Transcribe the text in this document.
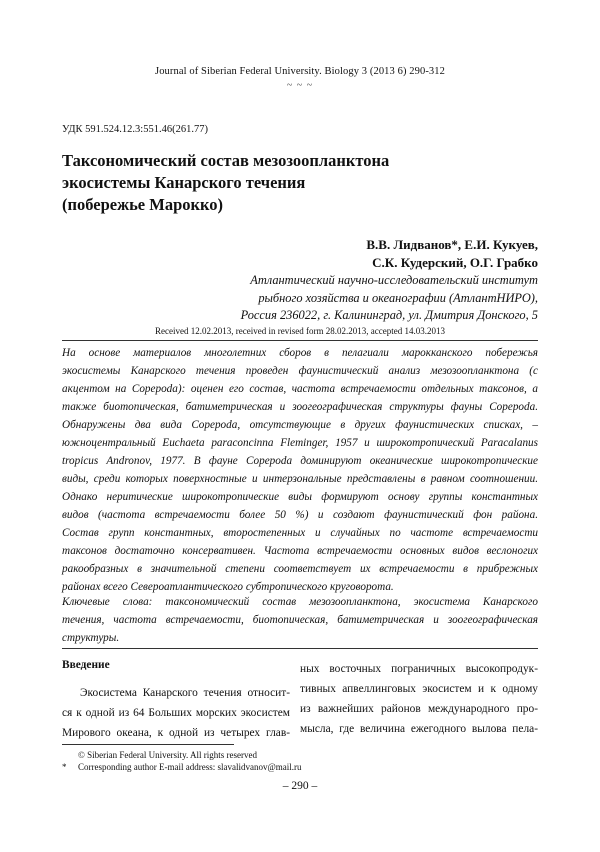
Journal of Siberian Federal University. Biology 3 (2013 6) 290-312
~ ~ ~
УДК 591.524.12.3:551.46(261.77)
Таксономический состав мезозоопланктона
экосистемы Канарского течения
(побережье Марокко)
В.В. Лидванов*, Е.И. Кукуев,
С.К. Кудерский, О.Г. Грабко
Атлантический научно-исследовательский институт
рыбного хозяйства и океанографии (АтлантНИРО),
Россия 236022, г. Калининград, ул. Дмитрия Донского, 5
Received 12.02.2013, received in revised form 28.02.2013, accepted 14.03.2013
На основе материалов многолетних сборов в пелагиали марокканского побережья
экосистемы Канарского течения проведен фаунистический анализ мезозоопланктона (с
акцентом на Copepoda): оценен его состав, частота встречаемости отдельных таксонов, а
также биотопическая, батиметрическая и зоогеографическая структуры фауны Copepoda.
Обнаружены два вида Copepoda, отсутствующие в других фаунистических списках, –
южноцентральный Euchaeta paraconcinna Fleminger, 1957 и широкотропический Paracalanus
tropicus Andronov, 1977. В фауне Copepoda доминируют океанические широкотропические
виды, среди которых поверхностные и интерзональные представлены в равном соотношении.
Однако неритические широкотропические виды формируют основу группы константных
видов (частота встречаемости более 50 %) и создают фаунистический фон района.
Состав групп константных, второстепенных и случайных по частоте встречаемости
таксонов достаточно консервативен. Частота встречаемости основных видов веслоногих
ракообразных в значительной степени соответствует их встречаемости в прибрежных
районах всего Североатлантического субтропического круговорота.
Ключевые слова: таксономический состав мезозоопланктона, экосистема Канарского
течения, частота встречаемости, биотопическая, батиметрическая и зоогеографическая
структуры.
Введение
Экосистема Канарского течения относит-
ся к одной из 64 Больших морских экосистем
Мирового океана, к одной из четырех глав-
ных восточных пограничных высокопродук-
тивных апвеллинговых экосистем и к одному
из важнейших районов международного про-
мысла, где величина ежегодного вылова пела-
© Siberian Federal University. All rights reserved
* Corresponding author E-mail address: slavalidvanov@mail.ru
– 290 –
